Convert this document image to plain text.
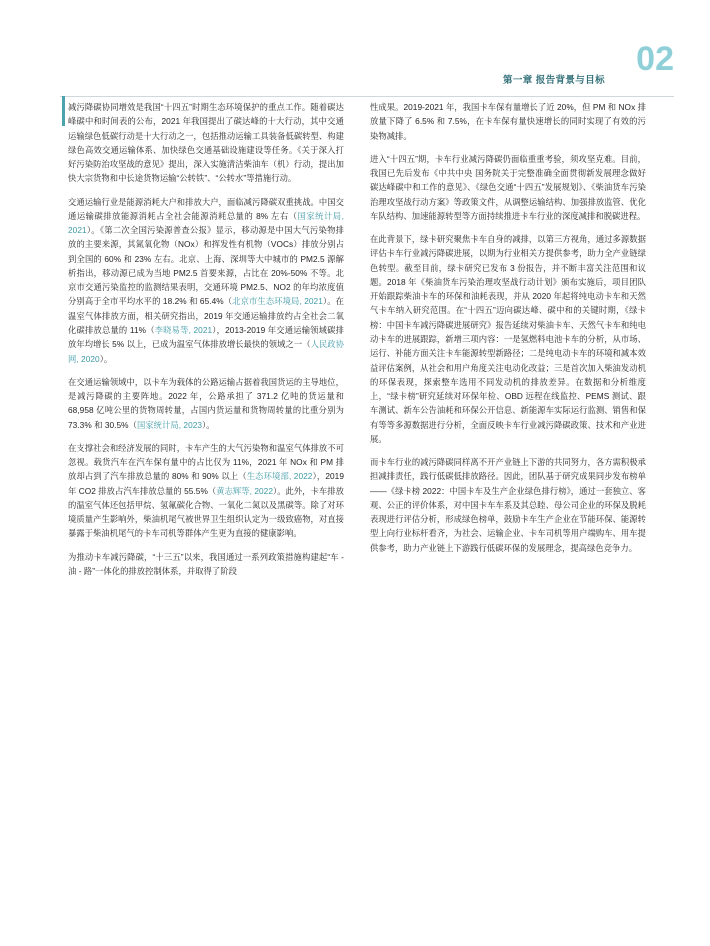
第一章 报告背景与目标
02

减污降碳协同增效是我国“十四五”时期生态环境保护的重点工作。随着碳达峰碳中和时间表的公布，2021 年我国提出了碳达峰的十大行动，其中交通运输绿色低碳行动是十大行动之一，包括推动运输工具装备低碳转型、构建绿色高效交通运输体系、加快绿色交通基础设施建设等任务。《关于深入打好污染防治攻坚战的意见》提出，深入实施清洁柴油车（机）行动，提出加快大宗货物和中长途货物运输“公转铁”、“公转水”等措施行动。

交通运输行业是能源消耗大户和排放大户，面临减污降碳双重挑战。中国交通运输碳排放能源消耗占全社会能源消耗总量的 8% 左右（国家统计局, 2021）。《第二次全国污染源普查公报》显示，移动源是中国大气污染物排放的主要来源，其氮氧化物（NOx）和挥发性有机物（VOCs）排放分别占到全国的 60% 和 23% 左右。北京、上海、深圳等大中城市的 PM2.5 源解析指出，移动源已成为当地 PM2.5 首要来源，占比在 20%-50% 不等。北京市交通污染监控的监测结果表明，交通环境 PM2.5、NO2 的年均浓度值分别高于全市平均水平的 18.2% 和 65.4%（北京市生态环境局, 2021）。在温室气体排放方面，相关研究指出，2019 年交通运输排放约占全社会二氧化碳排放总量的 11%（李晓易等, 2021），2013-2019 年交通运输领域碳排放年均增长 5% 以上，已成为温室气体排放增长最快的领域之一（人民政协网, 2020）。

在交通运输领域中，以卡车为载体的公路运输占据着我国货运的主导地位，是减污降碳的主要阵地。2022 年，公路承担了 371.2 亿吨的货运量和 68,958 亿吨公里的货物周转量，占国内货运量和货物周转量的比重分别为 73.3% 和 30.5%（国家统计局, 2023）。

在支撑社会和经济发展的同时，卡车产生的大气污染物和温室气体排放不可忽视。载货汽车在汽车保有量中的占比仅为 11%，2021 年 NOx 和 PM 排放却占到了汽车排放总量的 80% 和 90% 以上（生态环境部, 2022），2019 年 CO2 排放占汽车排放总量的 55.5%（黄志辉等, 2022）。此外，卡车排放的温室气体还包括甲烷、氢氟碳化合物、一氧化二氮以及黑碳等。除了对环境质量产生影响外，柴油机尾气被世界卫生组织认定为一级致癌物，对直接暴露于柴油机尾气的卡车司机等群体产生更为直接的健康影响。

为推动卡车减污降碳，“十三五”以来，我国通过一系列政策措施构建起“车 - 油 - 路”一体化的排放控制体系，并取得了阶段

性成果。2019-2021 年，我国卡车保有量增长了近 20%，但 PM 和 NOx 排放量下降了 6.5% 和 7.5%，在卡车保有量快速增长的同时实现了有效的污染物减排。

进入“十四五”期，卡车行业减污降碳仍面临重重考验，须攻坚克难。目前，我国已先后发布《中共中央 国务院关于完整准确全面贯彻新发展理念做好碳达峰碳中和工作的意见》、《绿色交通“十四五”发展规划》、《柴油货车污染治理攻坚战行动方案》等政策文件，从调整运输结构、加强排放监管、优化车队结构、加速能源转型等方面持续推进卡车行业的深度减排和脱碳进程。

在此背景下，绿卡研究聚焦卡车自身的减排，以第三方视角，通过多源数据评估卡车行业减污降碳进展，以期为行业相关方提供参考，助力全产业链绿色转型。截至目前，绿卡研究已发布 3 份报告，并不断丰富关注范围和议题。2018 年《柴油货车污染治理攻坚战行动计划》颁布实施后，项目团队开始跟踪柴油卡车的环保和油耗表现，并从 2020 年起将纯电动卡车和天然气卡车纳入研究范围。在“十四五”迈向碳达峰、碳中和的关键时期，《绿卡榜：中国卡车减污降碳进展研究》报告延续对柴油卡车、天然气卡车和纯电动卡车的进展跟踪，新增三项内容：一是氢燃料电池卡车的分析，从市场、运行、补能方面关注卡车能源转型新路径；二是纯电动卡车的环境和减本效益评估案例，从社会和用户角度关注电动化改益；三是首次加入柴油发动机的环保表现，探索整车选用不同发动机的排放差异。在数据和分析维度上，“绿卡榜”研究延续对环保年检、OBD 远程在线监控、PEMS 测试、跟车测试、新车公告油耗和环保公开信息、新能源车实际运行监测、销售和保有等等多源数据进行分析，全面反映卡车行业减污降碳政策、技术和产业进展。

而卡车行业的减污降碳同样离不开产业链上下游的共同努力，各方需积极承担减排责任，践行低碳低排放路径。因此，团队基于研究成果同步发布榜单——《绿卡榜 2022：中国卡车及生产企业绿色排行榜》，通过一套独立、客观、公正的评价体系，对中国卡车车系及其总睦、母公司企业的环保及脱耗表现进行评估分析，形成绿色榜单，鼓励卡车生产企业在节能环保、能源转型上向行业标杆看齐，为社会、运输企业、卡车司机等用户端购车、用车提供参考，助力产业链上下游践行低碳环保的发展理念，提高绿色竞争力。
